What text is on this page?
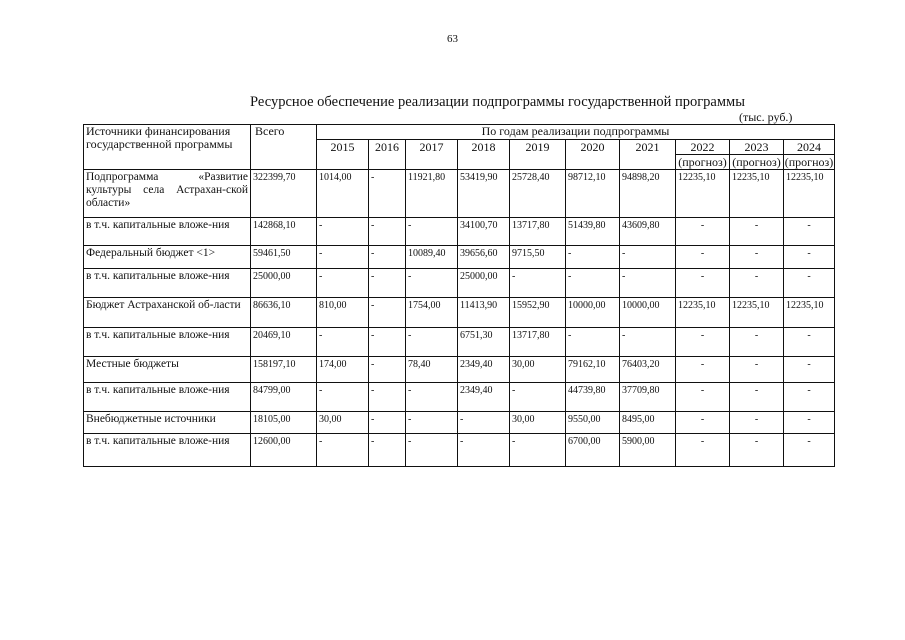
63
Ресурсное обеспечение реализации подпрограммы государственной программы
(тыс. руб.)
Источники финансирования государственной программы	Всего	По годам реализации подпрограммы									
		2015	2016	2017	2018	2019	2020	2021	2022	2023	2024
									(прогноз)	(прогноз)	(прогноз)
Подпрограмма «Развитие культуры села Астрахан-ской области»	322399,70	1014,00	-	11921,80	53419,90	25728,40	98712,10	94898,20	12235,10	12235,10	12235,10
в т.ч. капитальные вложе-ния	142868,10	-	-	-	34100,70	13717,80	51439,80	43609,80	-	-	-
Федеральный бюджет <1>	59461,50	-	-	10089,40	39656,60	9715,50	-	-	-	-	-
в т.ч. капитальные вложе-ния	25000,00	-	-	-	25000,00	-	-	-	-	-	-
Бюджет Астраханской об-ласти	86636,10	810,00	-	1754,00	11413,90	15952,90	10000,00	10000,00	12235,10	12235,10	12235,10
в т.ч. капитальные вложе-ния	20469,10	-	-	-	6751,30	13717,80	-	-	-	-	-
Местные бюджеты	158197,10	174,00	-	78,40	2349,40	30,00	79162,10	76403,20	-	-	-
в т.ч. капитальные вложе-ния	84799,00	-	-	-	2349,40	-	44739,80	37709,80	-	-	-
Внебюджетные источники	18105,00	30,00	-	-	-	30,00	9550,00	8495,00	-	-	-
в т.ч. капитальные вложе-ния	12600,00	-	-	-	-	-	6700,00	5900,00	-	-	-
